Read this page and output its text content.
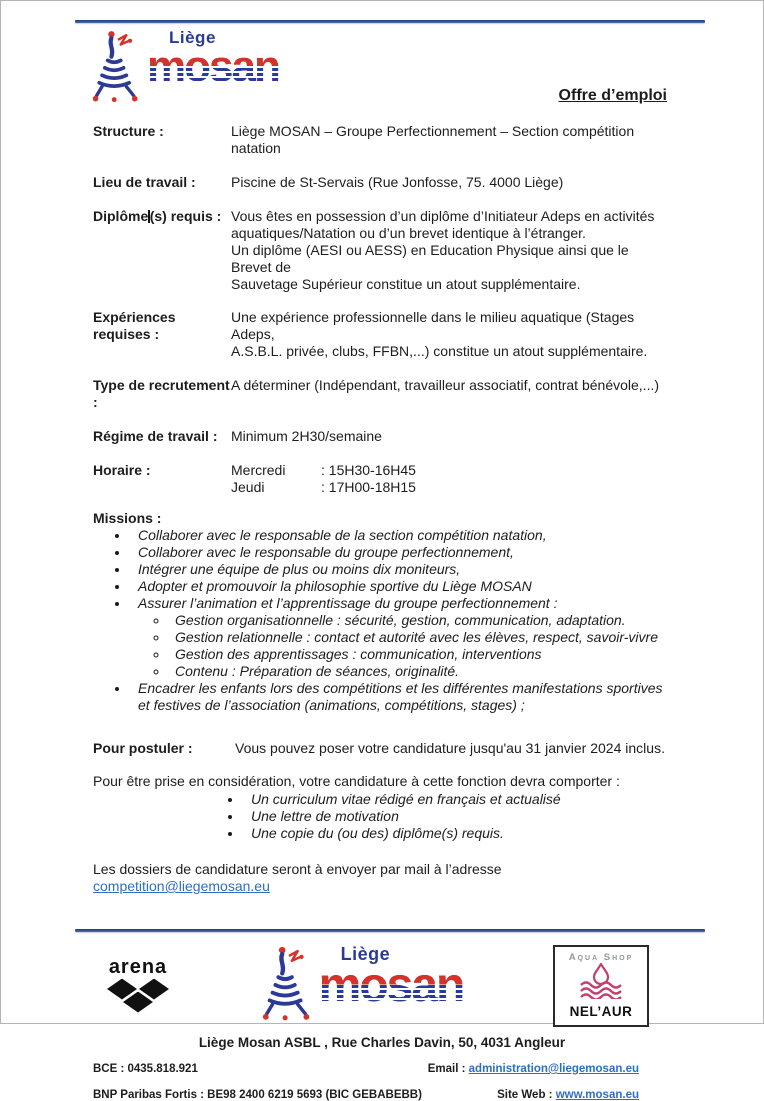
Liège
mosan
Offre d’emploi
Structure :	Liège MOSAN – Groupe Perfectionnement – Section compétition natation
Lieu de travail :	Piscine de St-Servais (Rue Jonfosse, 75. 4000 Liège)
Diplôme (s) requis : Vous êtes en possession d’un diplôme d’Initiateur Adeps en activités
aquatiques/Natation ou d’un brevet identique à l’étranger.
Un diplôme (AESI ou AESS) en Education Physique ainsi que le Brevet de
Sauvetage Supérieur constitue un atout supplémentaire.
Expériences requises :
Une expérience professionnelle dans le milieu aquatique (Stages Adeps,
A.S.B.L. privée, clubs, FFBN,...) constitue un atout supplémentaire.
Type de recrutement :
A déterminer (Indépendant, travailleur associatif, contrat bénévole,...)
Régime de travail : Minimum 2H30/semaine
Horaire :	Mercredi	: 15H30-16H45
Jeudi	: 17H00-18H15
Missions :
• Collaborer avec le responsable de la section compétition natation,
• Collaborer avec le responsable du groupe perfectionnement,
• Intégrer une équipe de plus ou moins dix moniteurs,
• Adopter et promouvoir la philosophie sportive du Liège MOSAN
• Assurer l’animation et l’apprentissage du groupe perfectionnement :
◦ Gestion organisationnelle : sécurité, gestion, communication, adaptation.
◦ Gestion relationnelle : contact et autorité avec les élèves, respect, savoir-vivre
◦ Gestion des apprentissages : communication, interventions
◦ Contenu : Préparation de séances, originalité.
• Encadrer les enfants lors des compétitions et les différentes manifestations sportives et festives de l’association (animations, compétitions, stages) ;
Pour postuler :	Vous pouvez poser votre candidature jusqu'au 31 janvier 2024 inclus.
Pour être prise en considération, votre candidature à cette fonction devra comporter :
• Un curriculum vitae rédigé en français et actualisé
• Une lettre de motivation
• Une copie du (ou des) diplôme(s) requis.
Les dossiers de candidature seront à envoyer par mail à l’adresse competition@liegemosan.eu
arena
Liège
mosan
Aqua Shop
NEL’AUR
Liège Mosan ASBL , Rue Charles Davin, 50, 4031 Angleur
BCE : 0435.818.921	Email : administration@liegemosan.eu
BNP Paribas Fortis : BE98 2400 6219 5693 (BIC GEBABEBB)	Site Web : www.mosan.eu
